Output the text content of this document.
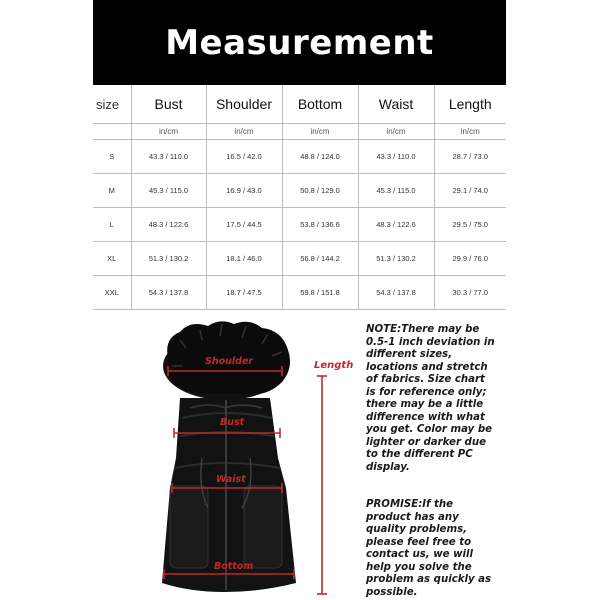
Measurement
size	Bust	Shoulder	Bottom	Waist	Length
	in/cm	in/cm	in/cm	in/cm	in/cm
S	43.3 / 110.0	16.5 / 42.0	48.8 / 124.0	43.3 / 110.0	28.7 / 73.0
M	45.3 / 115.0	16.9 / 43.0	50.8 / 129.0	45.3 / 115.0	29.1 / 74.0
L	48.3 / 122.6	17.5 / 44.5	53.8 / 136.6	48.3 / 122.6	29.5 / 75.0
XL	51.3 / 130.2	18.1 / 46.0	56.8 / 144.2	51.3 / 130.2	29.9 / 76.0
XXL	54.3 / 137.8	18.7 / 47.5	59.8 / 151.8	54.3 / 137.8	30.3 / 77.0
Shoulder
Bust
Waist
Bottom
Length
NOTE:There may be 0.5-1 inch deviation in different sizes, locations and stretch of fabrics. Size chart is for reference only; there may be a little difference with what you get. Color may be lighter or darker due to the different PC display.
PROMISE:If the product has any quality problems, please feel free to contact us, we will help you solve the problem as quickly as possible.
